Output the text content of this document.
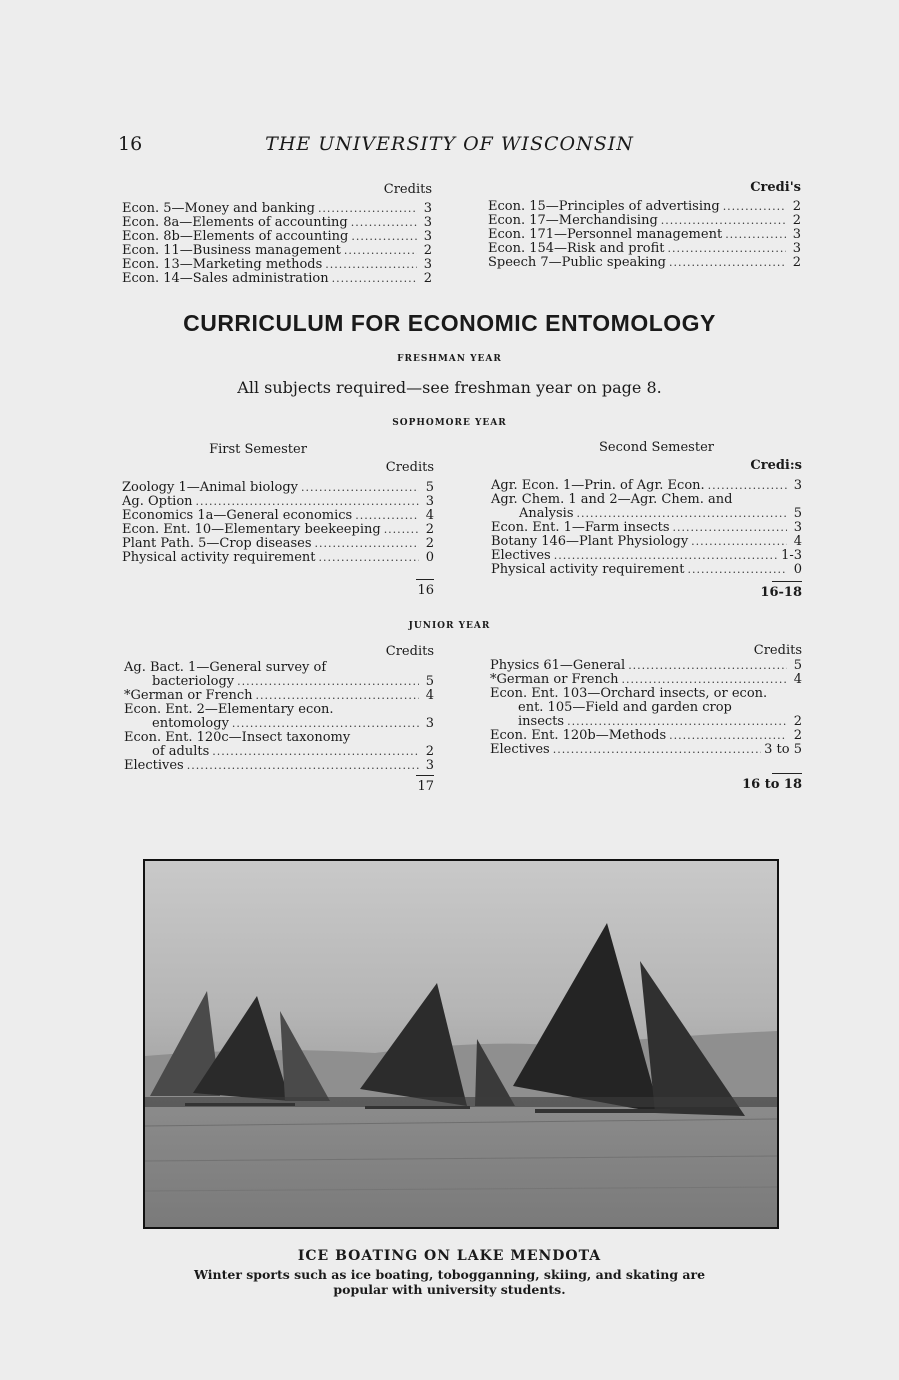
16	THE UNIVERSITY OF WISCONSIN
Credits
Econ. 5—Money and banking .....	3
Econ. 8a—Elements of accounting .....	3
Econ. 8b—Elements of accounting .....	3
Econ. 11—Business management .....	2
Econ. 13—Marketing methods .....	3
Econ. 14—Sales administration .....	2
Credi's
Econ. 15—Principles of advertising .....	2
Econ. 17—Merchandising .....	2
Econ. 171—Personnel management .....	3
Econ. 154—Risk and profit .....	3
Speech 7—Public speaking .....	2
CURRICULUM FOR ECONOMIC ENTOMOLOGY
FRESHMAN YEAR
All subjects required—see freshman year on page 8.
SOPHOMORE YEAR
First Semester
Credits
Zoology 1—Animal biology .....	5
Ag. Option .....	3
Economics 1a—General economics .....	4
Econ. Ent. 10—Elementary beekeeping .....	2
Plant Path. 5—Crop diseases .....	2
Physical activity requirement .....	0
16
Second Semester
Credi:s
Agr. Econ. 1—Prin. of Agr. Econ. .....	3
Agr. Chem. 1 and 2—Agr. Chem. and
Analysis .....	5
Econ. Ent. 1—Farm insects .....	3
Botany 146—Plant Physiology .....	4
Electives .....	1-3
Physical activity requirement .....	0
16-18
JUNIOR YEAR
Credits
Ag. Bact. 1—General survey of
bacteriology .....	5
*German or French .....	4
Econ. Ent. 2—Elementary econ.
entomology .....	3
Econ. Ent. 120c—Insect taxonomy
of adults .....	2
Electives .....	3
17
Credits
Physics 61—General .....	5
*German or French .....	4
Econ. Ent. 103—Orchard insects, or econ.
ent. 105—Field and garden crop
insects .....	2
Econ. Ent. 120b—Methods .....	2
Electives .....	3 to 5
16 to 18
ICE BOATING ON LAKE MENDOTA
Winter sports such as ice boating, tobogganning, skiing, and skating are
popular with university students.
